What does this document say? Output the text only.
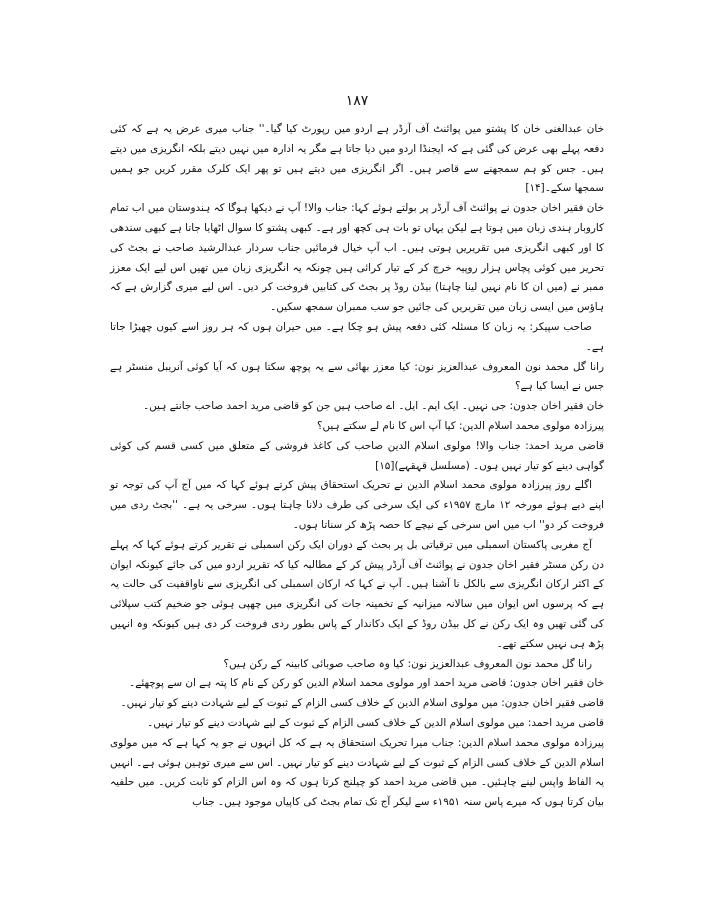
١٨٧

خان عبدالغنی خان کا پشتو میں پوائنٹ آف آرڈر ہے اردو میں رپورٹ کیا گیا۔'' جناب میری عرض یہ ہے کہ کئی دفعہ پہلے بھی عرض کی گئی ہے کہ ایجنڈا اردو میں دیا جاتا ہے مگر یہ ادارہ میں نہیں دیتے بلکہ انگریزی میں دیتے ہیں۔ جس کو ہم سمجھنے سے قاصر ہیں۔ اگر انگریزی میں دیتے ہیں تو پھر ایک کلرک مقرر کریں جو ہمیں سمجھا سکے۔[۱۴]

خان فقیر اخان جدون نے پوائنٹ آف آرڈر پر بولتے ہوئے کہا: جناب والا! آپ نے دیکھا ہوگا کہ ہندوستان میں اب تمام کاروبار ہندی زبان میں ہوتا ہے لیکن یہاں تو بات ہی کچھ اور ہے۔ کبھی پشتو کا سوال اٹھایا جاتا ہے کبھی سندھی کا اور کبھی انگریزی میں تقریریں ہوتی ہیں۔ اب آپ خیال فرمائیں جناب سردار عبدالرشید صاحب نے بجٹ کی تحریر میں کوئی پچاس ہزار روپیہ خرچ کر کے تیار کرائی ہیں چونکہ یہ انگریزی زبان میں تھیں اس لیے ایک معزز ممبر نے (میں ان کا نام نہیں لینا چاہتا) بیڈن روڈ پر بجٹ کی کتابیں فروخت کر دیں۔ اس لیے میری گزارش ہے کہ ہاؤس میں ایسی زبان میں تقریریں کی جائیں جو سب ممبران سمجھ سکیں۔

صاحب سپیکر: یہ زبان کا مسئلہ کئی دفعہ پیش ہو چکا ہے۔ میں حیران ہوں کہ ہر روز اسے کیوں چھیڑا جاتا ہے۔

رانا گل محمد نون المعروف عبدالعزیز نون: کیا معزز بھائی سے یہ پوچھ سکتا ہوں کہ آیا کوئی آنریبل منسٹر ہے جس نے ایسا کیا ہے؟

خان فقیر اخان جدون: جی نہیں۔ ایک ایم۔ ایل۔ اے صاحب ہیں جن کو قاضی مرید احمد صاحب جانتے ہیں۔

پیرزادہ مولوی محمد اسلام الدین: کیا آپ اس کا نام لے سکتے ہیں؟

قاضی مرید احمد: جناب والا! مولوی اسلام الدین صاحب کی کاغذ فروشی کے متعلق میں کسی قسم کی کوئی گواہی دینے کو تیار نہیں ہوں۔ (مسلسل قہقہے)[۱۵]

اگلے روز پیرزادہ مولوی محمد اسلام الدین نے تحریک استحقاق پیش کرتے ہوئے کہا کہ میں آج آپ کی توجہ تو اپنے دیے ہوئے مورخہ ۱۲ مارچ ۱۹۵۷ء کی ایک سرخی کی طرف دلانا چاہتا ہوں۔ سرخی یہ ہے۔ ''بجٹ ردی میں فروخت کر دو'' اب میں اس سرخی کے نیچے کا حصہ پڑھ کر سناتا ہوں۔

آج مغربی پاکستان اسمبلی میں ترقیاتی بل پر بحث کے دوران ایک رکن اسمبلی نے تقریر کرتے ہوئے کہا کہ پہلے دن رکن مسٹر فقیر اخان جدون نے پوائنٹ آف آرڈر پیش کر کے مطالبہ کیا کہ تقریر اردو میں کی جائے کیونکہ ایوان کے اکثر ارکان انگریزی سے بالکل نا آشنا ہیں۔ آپ نے کہا کہ ارکان اسمبلی کی انگریزی سے ناواقفیت کی حالت یہ ہے کہ پرسوں اس ایوان میں سالانہ میزانیہ کے تخمینہ جات کی انگریزی میں چھپی ہوئی جو ضخیم کتب سپلائی کی گئی تھیں وہ ایک رکن نے کل بیڈن روڈ کے ایک دکاندار کے پاس بطور ردی فروخت کر دی ہیں کیونکہ وہ انہیں پڑھ ہی نہیں سکتے تھے۔

رانا گل محمد نون المعروف عبدالعزیز نون: کیا وہ صاحب صوبائی کابینہ کے رکن ہیں؟

خان فقیر اخان جدون: قاضی مرید احمد اور مولوی محمد اسلام الدین کو رکن کے نام کا پتہ ہے ان سے پوچھئے۔

قاضی فقیر اخان جدون: میں مولوی اسلام الدین کے خلاف کسی الزام کے ثبوت کے لیے شہادت دینے کو تیار نہیں۔

قاضی مرید احمد: میں مولوی اسلام الدین کے خلاف کسی الزام کے ثبوت کے لیے شہادت دینے کو تیار نہیں۔

پیرزادہ مولوی محمد اسلام الدین: جناب میرا تحریک استحقاق یہ ہے کہ کل انہوں نے جو یہ کہا ہے کہ میں مولوی اسلام الدین کے خلاف کسی الزام کے ثبوت کے لیے شہادت دینے کو تیار نہیں۔ اس سے میری توہین ہوئی ہے۔ انہیں یہ الفاظ واپس لینے چاہئیں۔ میں قاضی مرید احمد کو چیلنج کرتا ہوں کہ وہ اس الزام کو ثابت کریں۔ میں حلفیہ بیان کرتا ہوں کہ میرے پاس سنہ ۱۹۵۱ء سے لیکر آج تک تمام بجٹ کی کاپیاں موجود ہیں۔ جناب
